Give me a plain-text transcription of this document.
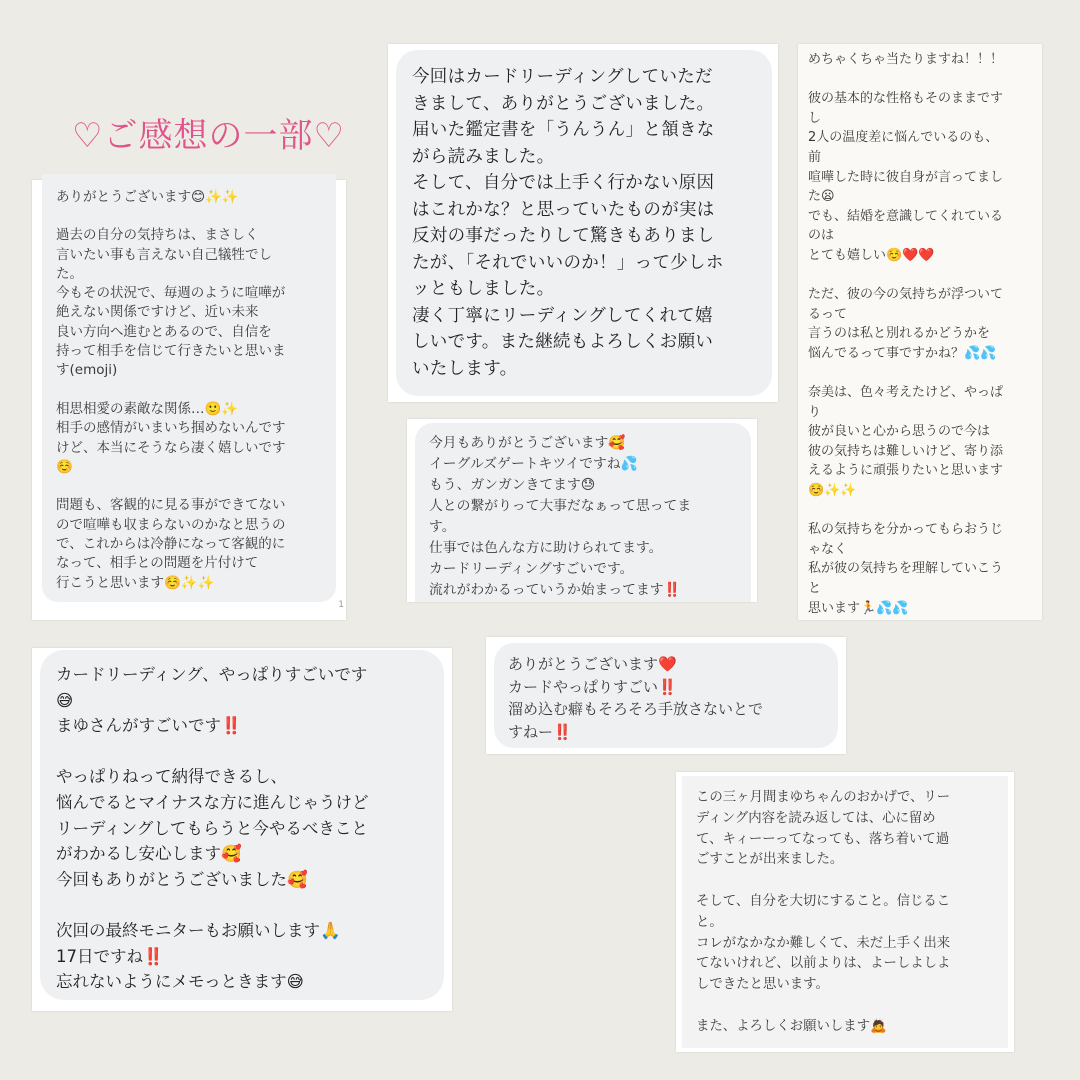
♡ご感想の一部♡

ありがとうございます😊✨✨

過去の自分の気持ちは、まさしく
言いたい事も言えない自己犠牲でし
た。
今もその状況で、毎週のように喧嘩が
絶えない関係ですけど、近い未来
良い方向へ進むとあるので、自信を
持って相手を信じて行きたいと思いま
す(emoji)

相思相愛の素敵な関係…🙂✨
相手の感情がいまいち掴めないんです
けど、本当にそうなら凄く嬉しいです
☺️

問題も、客観的に見る事ができてない
ので喧嘩も収まらないのかなと思うの
で、これからは冷静になって客観的に
なって、相手との問題を片付けて
行こうと思います☺️✨✨

1

今回はカードリーディングしていただ
きまして、ありがとうございました。
届いた鑑定書を「うんうん」と頷きな
がら読みました。
そして、自分では上手く行かない原因
はこれかな？と思っていたものが実は
反対の事だったりして驚きもありまし
たが、「それでいいのか！」って少しホ
ッともしました。
凄く丁寧にリーディングしてくれて嬉
しいです。また継続もよろしくお願い
いたします。

めちゃくちゃ当たりますね！！！

彼の基本的な性格もそのままです
し
2人の温度差に悩んでいるのも、
前
喧嘩した時に彼自身が言ってまし
た😦
でも、結婚を意識してくれている
のは
とても嬉しい☺️❤️❤️

ただ、彼の今の気持ちが浮ついて
るって
言うのは私と別れるかどうかを
悩んでるって事ですかね？💦💦

奈美は、色々考えたけど、やっぱ
り
彼が良いと心から思うので今は
彼の気持ちは難しいけど、寄り添
えるように頑張りたいと思います
☺️✨✨

私の気持ちを分かってもらおうじ
ゃなく
私が彼の気持ちを理解していこう
と
思います🏃💦💦

今月もありがとうございます🥰
イーグルズゲートキツイですね💦
もう、ガンガンきてます😓
人との繋がりって大事だなぁって思ってま
す。
仕事では色んな方に助けられてます。
カードリーディングすごいです。
流れがわかるっていうか始まってます‼️

カードリーディング、やっぱりすごいです
😅
まゆさんがすごいです‼️

やっぱりねって納得できるし、
悩んでるとマイナスな方に進んじゃうけど
リーディングしてもらうと今やるべきこと
がわかるし安心します🥰
今回もありがとうございました🥰

次回の最終モニターもお願いします🙏
17日ですね‼️
忘れないようにメモっときます😅

ありがとうございます❤️
カードやっぱりすごい‼️
溜め込む癖もそろそろ手放さないとで
すねー‼️

この三ヶ月間まゆちゃんのおかげで、リー
ディング内容を読み返しては、心に留め
て、キィーーってなっても、落ち着いて過
ごすことが出来ました。

そして、自分を大切にすること。信じるこ
と。
コレがなかなか難しくて、未だ上手く出来
てないけれど、以前よりは、よーしよしよ
しできたと思います。

また、よろしくお願いします🙇
